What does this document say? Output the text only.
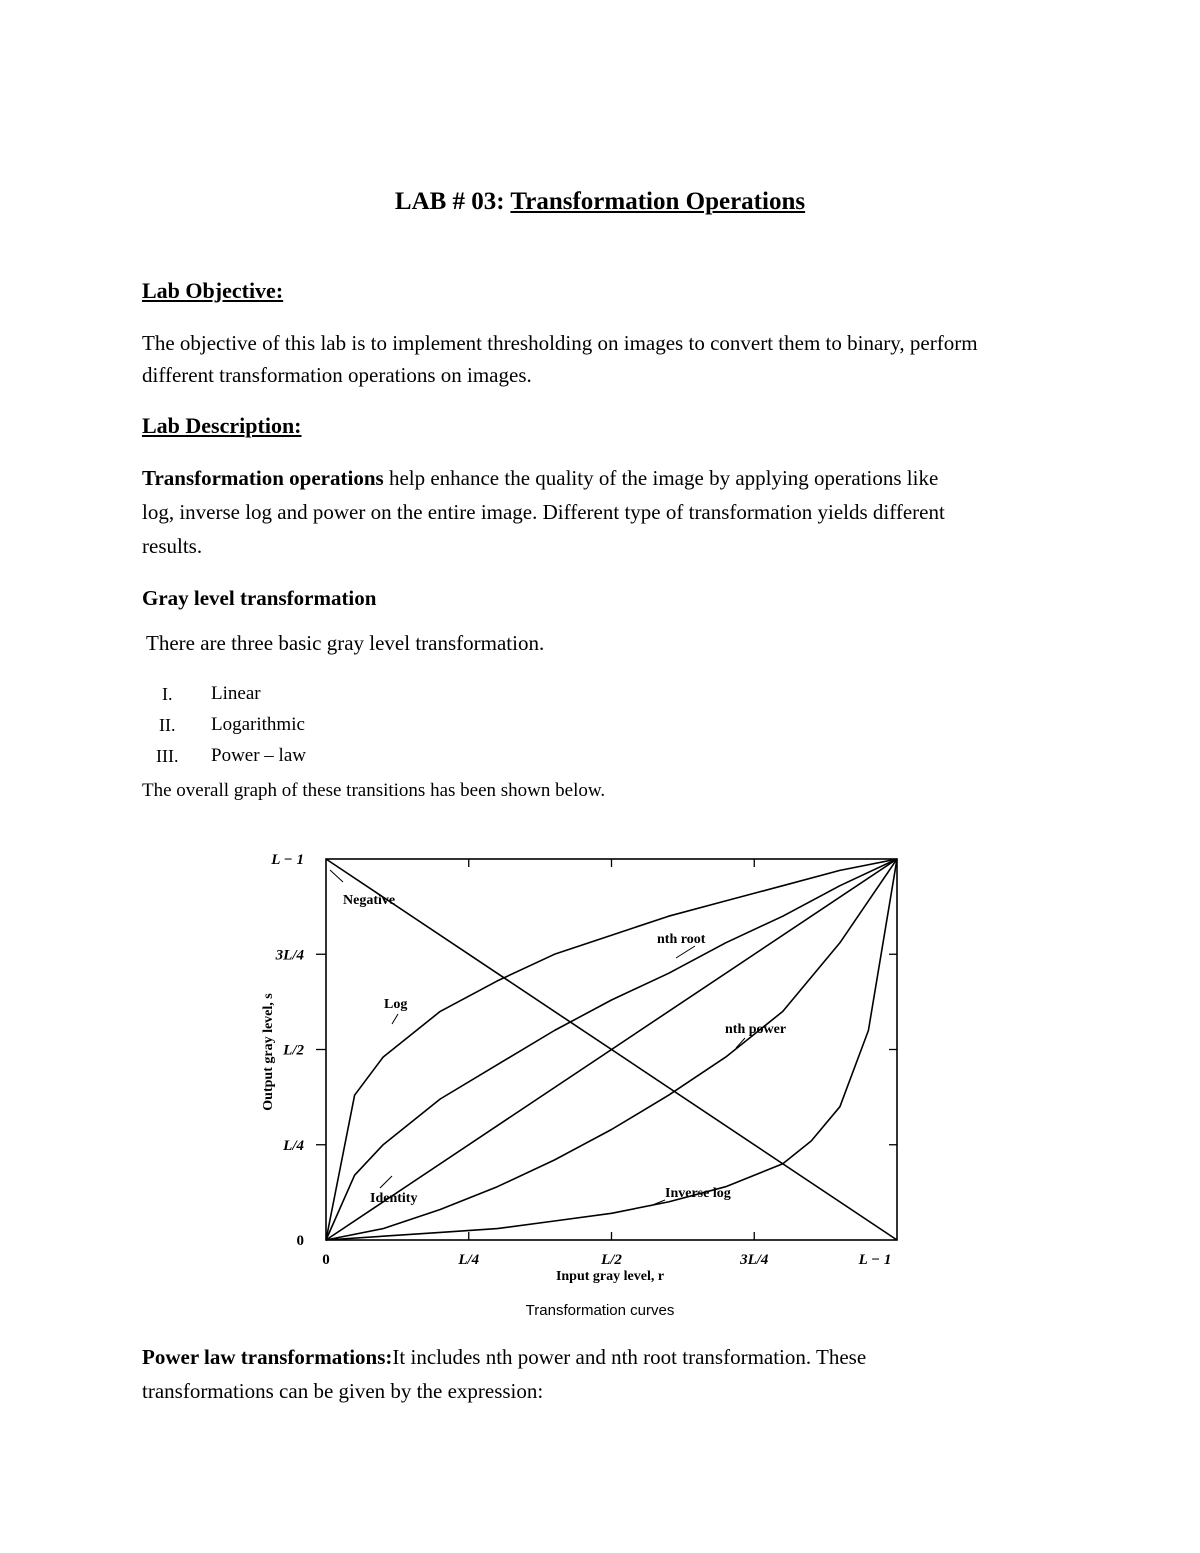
LAB # 03: Transformation Operations
Lab Objective:
The objective of this lab is to implement thresholding on images to convert them to binary, perform
different transformation operations on images.
Lab Description:
Transformation operations help enhance the quality of the image by applying operations like
log, inverse log and power on the entire image. Different type of transformation yields different
results.
Gray level transformation
There are three basic gray level transformation.
I. Linear
II. Logarithmic
III. Power – law
The overall graph of these transitions has been shown below.
0
0
L/4
L/4
L/2
L/2
3L/4
3L/4
L − 1
L − 1
Input gray level, r
Output gray level, s
Negative
Identity
Log
nth root
nth power
Inverse log
Transformation curves
Power law transformations:It includes nth power and nth root transformation. These
transformations can be given by the expression:
